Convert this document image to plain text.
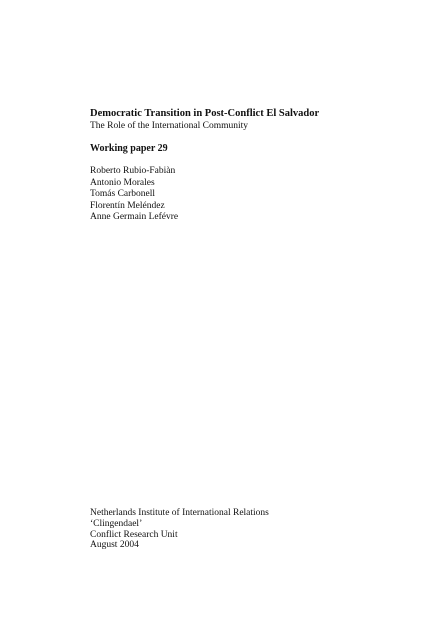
Democratic Transition in Post-Conflict El Salvador

The Role of the International Community

Working paper 29

Roberto Rubio-Fabiàn
Antonio Morales
Tomás Carbonell
Florentín Meléndez
Anne Germain Lefévre
Netherlands Institute of International Relations
‘Clingendael’
Conflict Research Unit
August 2004
